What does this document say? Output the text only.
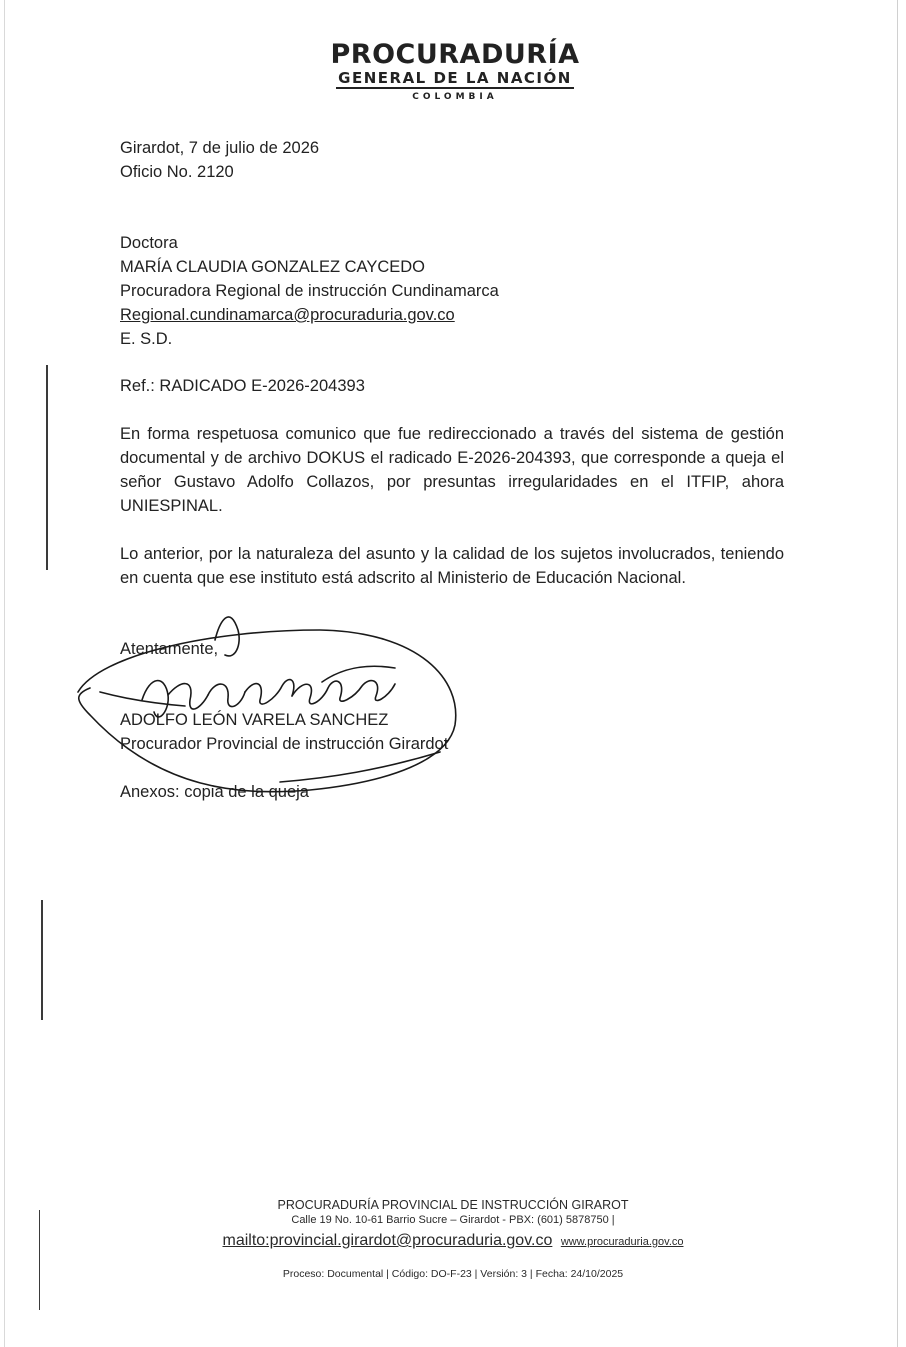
PROCURADURÍA
GENERAL DE LA NACIÓN
COLOMBIA
Girardot, 7 de julio de 2026
Oficio No. 2120
Doctora
MARÍA CLAUDIA GONZALEZ CAYCEDO
Procuradora Regional de instrucción Cundinamarca
Regional.cundinamarca@procuraduria.gov.co
E. S.D.
Ref.: RADICADO E-2026-204393
En forma respetuosa comunico que fue redireccionado a través del sistema de gestión documental y de archivo DOKUS el radicado E-2026-204393, que corresponde a queja el señor Gustavo Adolfo Collazos, por presuntas irregularidades en el ITFIP, ahora UNIESPINAL.
Lo anterior, por la naturaleza del asunto y la calidad de los sujetos involucrados, teniendo en cuenta que ese instituto está adscrito al Ministerio de Educación Nacional.
Atentamente,
ADOLFO LEÓN VARELA SANCHEZ
Procurador Provincial de instrucción Girardot
Anexos: copia de la queja
PROCURADURÍA PROVINCIAL DE INSTRUCCIÓN GIRAROT
Calle 19 No. 10-61 Barrio Sucre – Girardot - PBX: (601) 5878750 |
mailto:provincial.girardot@procuraduria.gov.co www.procuraduria.gov.co
Proceso: Documental | Código: DO-F-23 | Versión: 3 | Fecha: 24/10/2025
